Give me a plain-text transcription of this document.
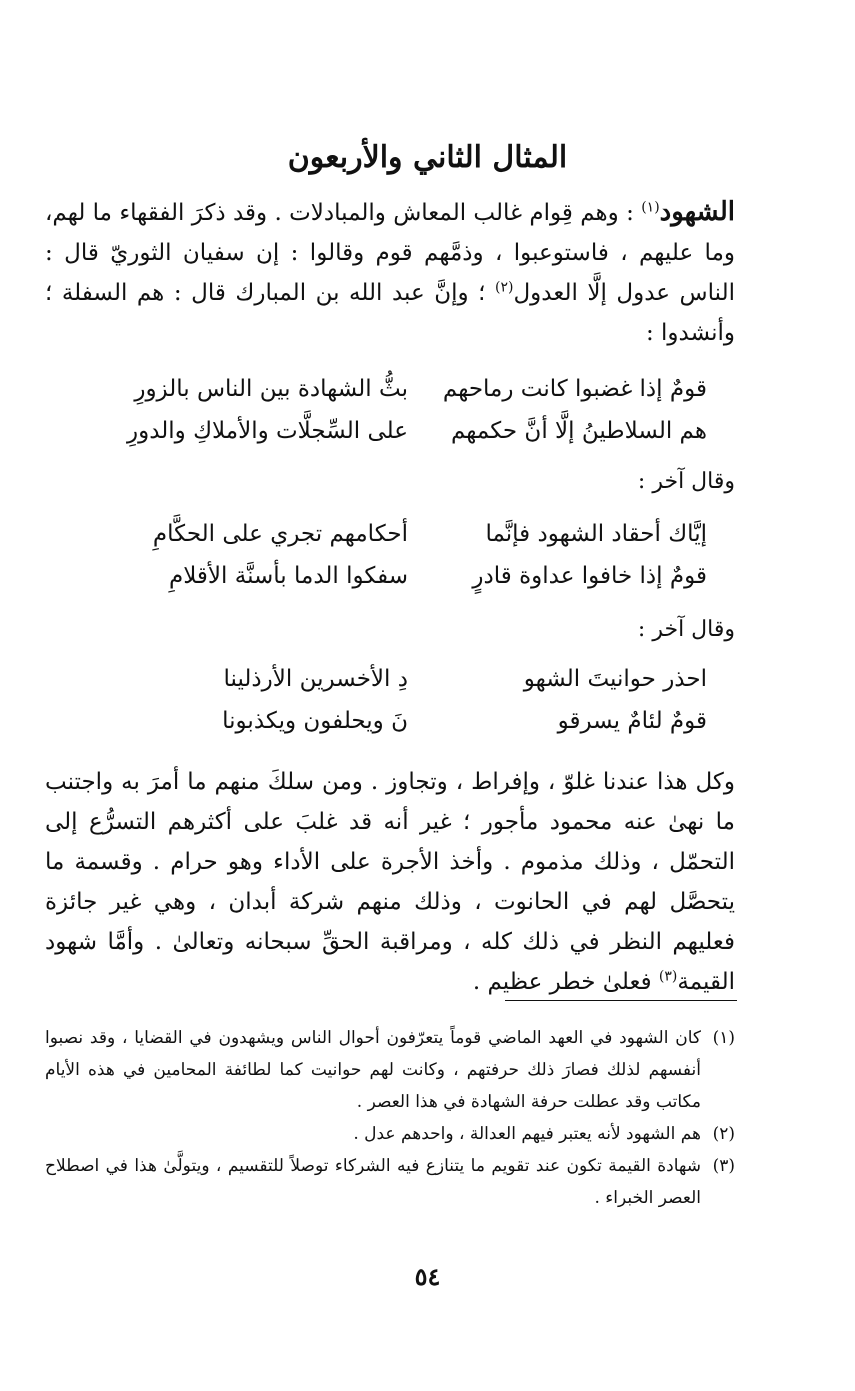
المثال الثاني والأربعون

الشهود$^{(١)}$ : وهم قِوام غالب المعاش والمبادلات . وقد ذكرَ الفقهاء ما لهم، وما عليهم ، فاستوعبوا ، وذمَّهم قوم وقالوا : إن سفيان الثوريّ قال : الناس عدول إلَّا العدول$^{(٢)}$ ؛ وإنَّ عبد الله بن المبارك قال : هم السفلة ؛ وأنشدوا :

قومٌ إذا غضبوا كانت رماحهم
بثُّ الشهادة بين الناس بالزورِ
هم السلاطينُ إلَّا أنَّ حكمهم
على السِّجلَّات والأملاكِ والدورِ

وقال آخر :

إيَّاك أحقاد الشهود فإنَّما
أحكامهم تجري على الحكَّامِ
قومٌ إذا خافوا عداوة قادرٍ
سفكوا الدما بأسنَّة الأقلامِ

وقال آخر :

احذر حوانيتَ الشهو
دِ الأخسرين الأرذلينا
قومٌ لئامٌ يسرقو
نَ ويحلفون ويكذبونا

وكل هذا عندنا غلوّ ، وإفراط ، وتجاوز . ومن سلكَ منهم ما أمرَ به واجتنب ما نهىٰ عنه محمود مأجور ؛ غير أنه قد غلبَ على أكثرهم التسرُّع إلى التحمّل ، وذلك مذموم . وأخذ الأجرة على الأداء وهو حرام . وقسمة ما يتحصَّل لهم في الحانوت ، وذلك منهم شركة أبدان ، وهي غير جائزة فعليهم النظر في ذلك كله ، ومراقبة الحقِّ سبحانه وتعالىٰ . وأمَّا شهود القيمة$^{(٣)}$ فعلىٰ خطر عظيم .

(١)
كان الشهود في العهد الماضي قوماً يتعرّفون أحوال الناس ويشهدون في القضايا ، وقد نصبوا أنفسهم لذلك فصارَ ذلك حرفتهم ، وكانت لهم حوانيت كما لطائفة المحامين في هذه الأيام مكاتب وقد عطلت حرفة الشهادة في هذا العصر .
(٢)
هم الشهود لأنه يعتبر فيهم العدالة ، واحدهم عدل .
(٣)
شهادة القيمة تكون عند تقويم ما يتنازع فيه الشركاء توصلاً للتقسيم ، ويتولَّىٰ هذا في اصطلاح العصر الخبراء .
٥٤
